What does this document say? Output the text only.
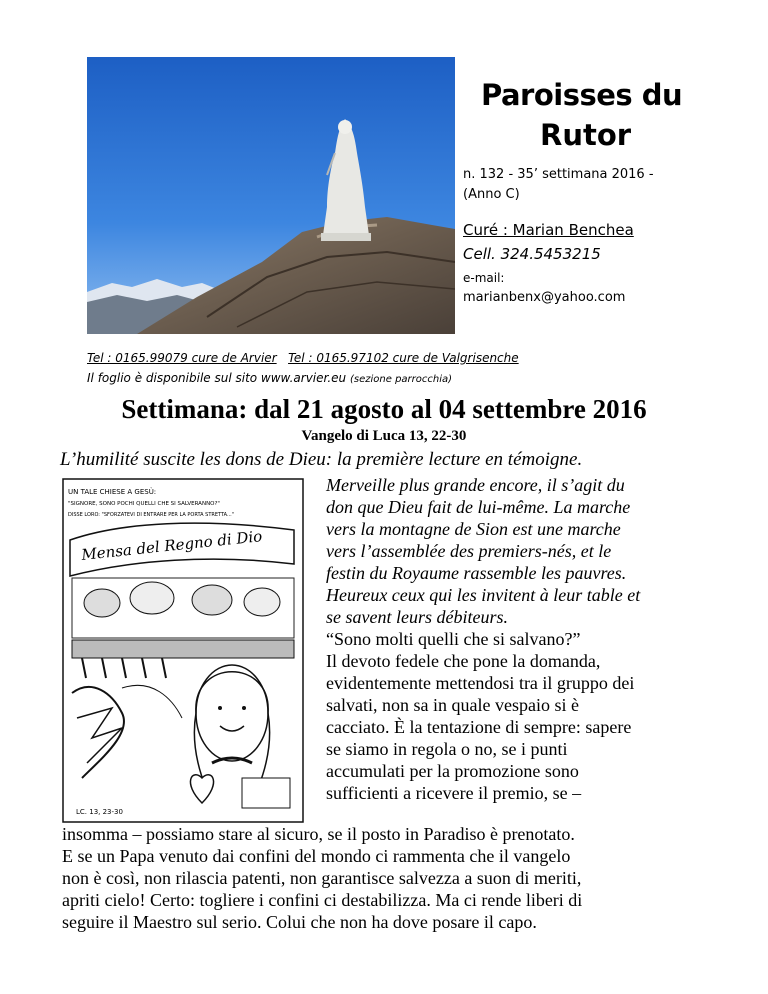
Paroisses du
Rutor
n. 132 - 35’ settimana 2016 -
(Anno C)
Curé : Marian Benchea
Cell. 324.5453215
e-mail:
marianbenx@yahoo.com
Tel : 0165.99079 cure de Arvier Tel : 0165.97102 cure de Valgrisenche
Il foglio è disponibile sul sito www.arvier.eu (sezione parrocchia)
Settimana: dal 21 agosto al 04 settembre 2016
Vangelo di Luca 13, 22-30
L’humilité suscite les dons de Dieu: la première lecture en témoigne.
UN TALE CHIESE A GESÙ:
"SIGNORE, SONO POCHI QUELLI CHE SI SALVERANNO?"
DISSE LORO: "SFORZATEVI DI ENTRARE PER LA PORTA STRETTA..."
Mensa del Regno di Dio
LC. 13, 23-30

Merveille plus grande encore, il s’agit du

don que Dieu fait de lui-même. La marche

vers la montagne de Sion est une marche

vers l’assemblée des premiers-nés, et le

festin du Royaume rassemble les pauvres.

Heureux ceux qui les invitent à leur table et

se savent leurs débiteurs.

“Sono molti quelli che si salvano?”

Il devoto fedele che pone la domanda,

evidentemente mettendosi tra il gruppo dei

salvati, non sa in quale vespaio si è

cacciato. È la tentazione di sempre: sapere

se siamo in regola o no, se i punti

accumulati per la promozione sono

sufficienti a ricevere il premio, se –

insomma – possiamo stare al sicuro, se il posto in Paradiso è prenotato.

E se un Papa venuto dai confini del mondo ci rammenta che il vangelo

non è così, non rilascia patenti, non garantisce salvezza a suon di meriti,

apriti cielo! Certo: togliere i confini ci destabilizza. Ma ci rende liberi di

seguire il Maestro sul serio. Colui che non ha dove posare il capo.
